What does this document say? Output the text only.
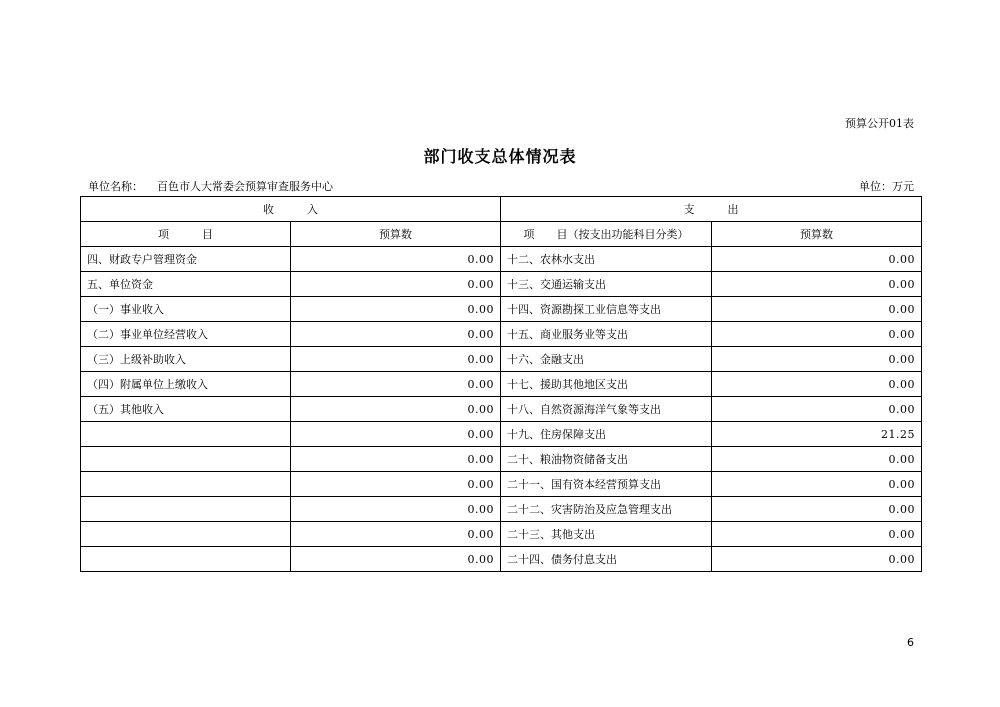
预算公开01表
部门收支总体情况表
单位名称： 百色市人大常委会预算审查服务中心	单位：万元
收　　　入		支　　　出	
项　　　目	预算数	项　　目（按支出功能科目分类）	预算数
四、财政专户管理资金	0.00	十二、农林水支出	0.00
五、单位资金	0.00	十三、交通运输支出	0.00
（一）事业收入	0.00	十四、资源勘探工业信息等支出	0.00
（二）事业单位经营收入	0.00	十五、商业服务业等支出	0.00
（三）上级补助收入	0.00	十六、金融支出	0.00
（四）附属单位上缴收入	0.00	十七、援助其他地区支出	0.00
（五）其他收入	0.00	十八、自然资源海洋气象等支出	0.00
	0.00	十九、住房保障支出	21.25
	0.00	二十、粮油物资储备支出	0.00
	0.00	二十一、国有资本经营预算支出	0.00
	0.00	二十二、灾害防治及应急管理支出	0.00
	0.00	二十三、其他支出	0.00
	0.00	二十四、债务付息支出	0.00
6
